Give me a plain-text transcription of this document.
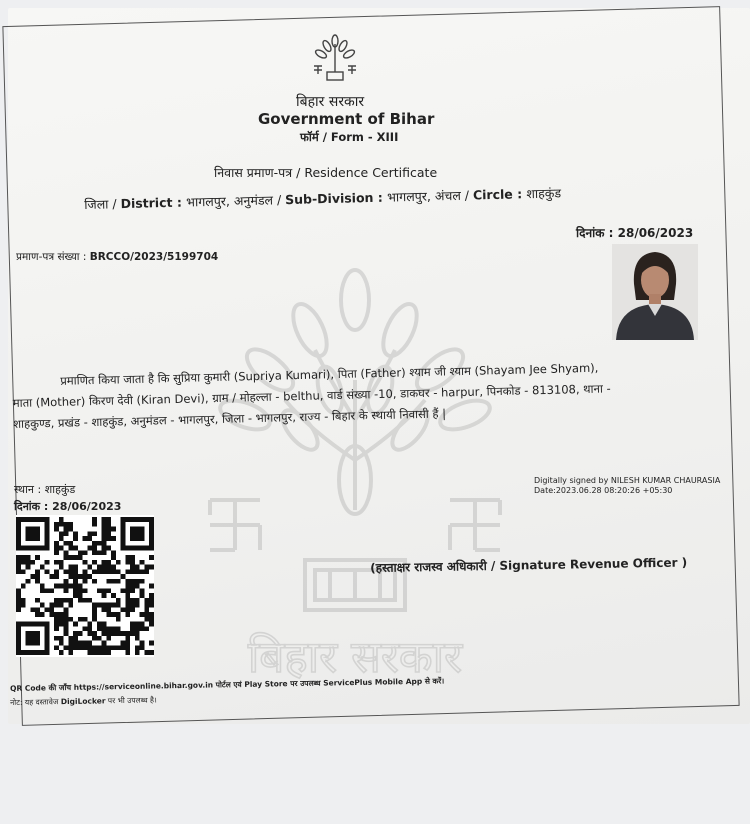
बिहार सरकार
बिहार सरकार
Government of Bihar
फॉर्म / Form - XIII
निवास प्रमाण-पत्र / Residence Certificate
जिला / District : भागलपुर, अनुमंडल / Sub-Division : भागलपुर, अंचल / Circle : शाहकुंड
दिनांक : 28/06/2023
प्रमाण-पत्र संख्या : BRCCO/2023/5199704
प्रमाणित किया जाता है कि सुप्रिया कुमारी (Supriya Kumari), पिता (Father) श्याम जी श्याम (Shayam Jee Shyam),
माता (Mother) किरण देवी (Kiran Devi), ग्राम / मोहल्ला - belthu, वार्ड संख्या -10, डाकघर - harpur, पिनकोड - 813108, थाना -
शाहकुण्ड, प्रखंड - शाहकुंड, अनुमंडल - भागलपुर, जिला - भागलपुर, राज्य - बिहार के स्थायी निवासी हैं |
स्थान : शाहकुंड
दिनांक : 28/06/2023
Digitally signed by NILESH KUMAR CHAURASIA
Date:2023.06.28 08:20:26 +05:30
(हस्ताक्षर राजस्व अधिकारी / Signature Revenue Officer )
QR Code की जाँच https://serviceonline.bihar.gov.in पोर्टल एवं Play Store पर उपलब्ध ServicePlus Mobile App से करें।
नोट: यह दस्तावेज DigiLocker पर भी उपलब्ध है।
